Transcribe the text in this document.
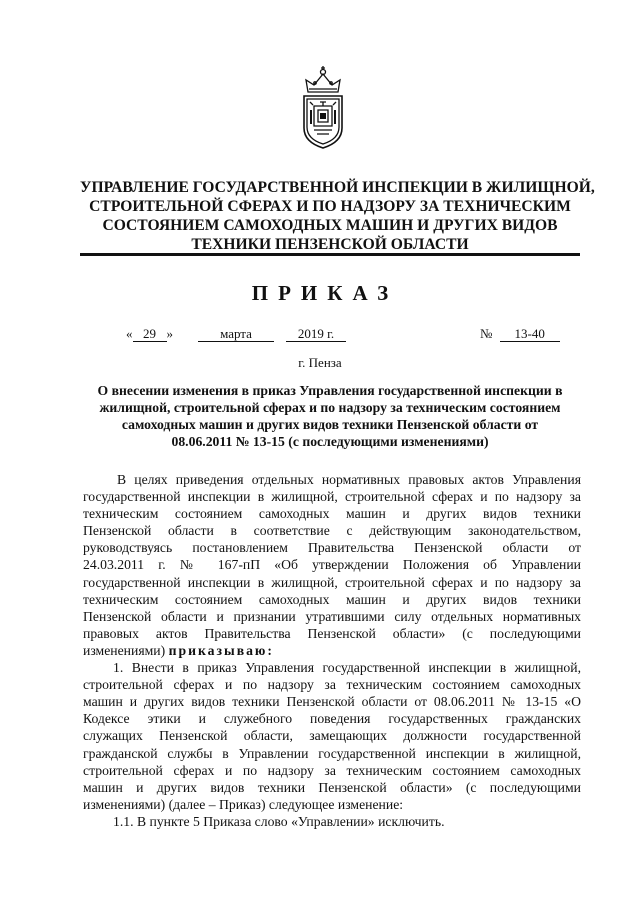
УПРАВЛЕНИЕ ГОСУДАРСТВЕННОЙ ИНСПЕКЦИИ В ЖИЛИЩНОЙ,
СТРОИТЕЛЬНОЙ СФЕРАХ И ПО НАДЗОРУ ЗА ТЕХНИЧЕСКИМ
СОСТОЯНИЕМ САМОХОДНЫХ МАШИН И ДРУГИХ ВИДОВ
ТЕХНИКИ ПЕНЗЕНСКОЙ ОБЛАСТИ
ПРИКАЗ
« 29 »	марта	2019 г.	№ 13-40
г. Пенза
О внесении изменения в приказ Управления государственной инспекции в
жилищной, строительной сферах и по надзору за техническим состоянием
самоходных машин и других видов техники Пензенской области от
08.06.2011 № 13-15 (с последующими изменениями)
В целях приведения отдельных нормативных правовых актов Управления
государственной инспекции в жилищной, строительной сферах и по надзору за
техническим состоянием самоходных машин и других видов техники
Пензенской области в соответствие с действующим законодательством,
руководствуясь постановлением Правительства Пензенской области от
24.03.2011 г. № 167-пП «Об утверждении Положения об Управлении
государственной инспекции в жилищной, строительной сферах и по надзору за
техническим состоянием самоходных машин и других видов техники
Пензенской области и признании утратившими силу отдельных нормативных
правовых актов Правительства Пензенской области» (с последующими
изменениями) приказываю:
1. Внести в приказ Управления государственной инспекции в жилищной,
строительной сферах и по надзору за техническим состоянием самоходных
машин и других видов техники Пензенской области от 08.06.2011 № 13-15 «О
Кодексе этики и служебного поведения государственных гражданских
служащих Пензенской области, замещающих должности государственной
гражданской службы в Управлении государственной инспекции в жилищной,
строительной сферах и по надзору за техническим состоянием самоходных
машин и других видов техники Пензенской области» (с последующими
изменениями) (далее – Приказ) следующее изменение:
1.1. В пункте 5 Приказа слово «Управлении» исключить.
